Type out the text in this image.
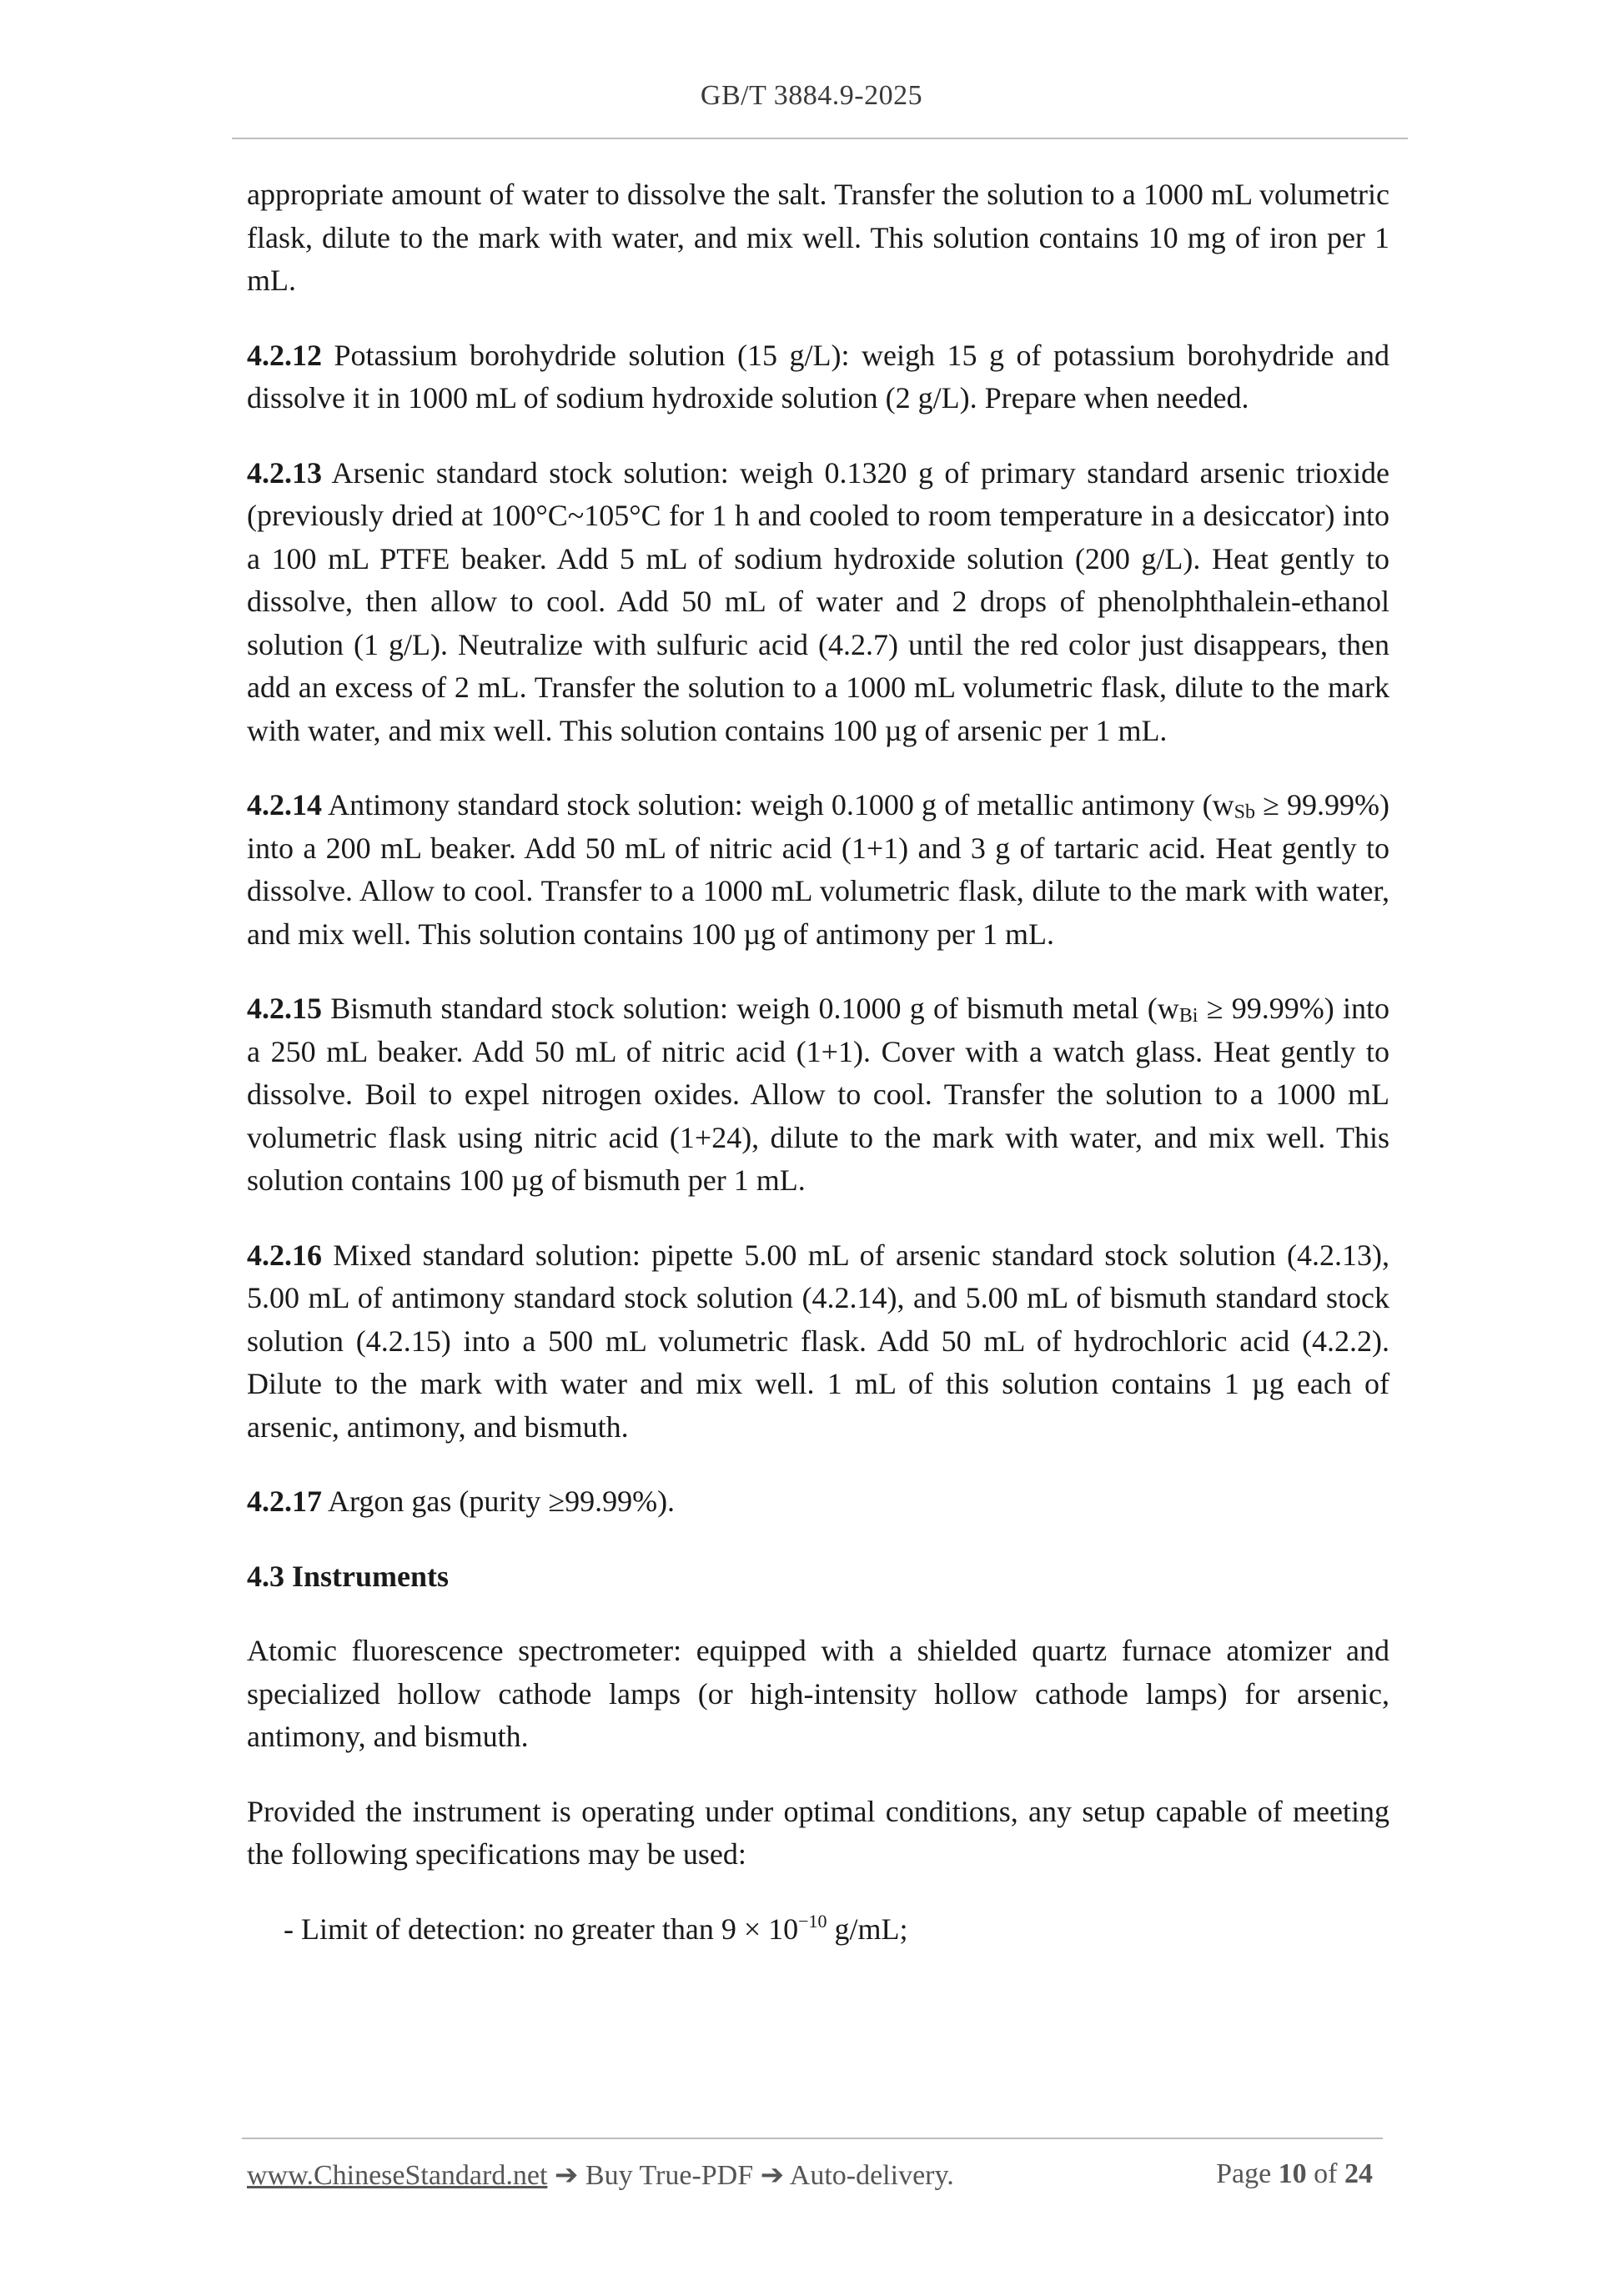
GB/T 3884.9-2025

appropriate amount of water to dissolve the salt. Transfer the solution to a 1000 mL volumetric flask, dilute to the mark with water, and mix well. This solution contains 10 mg of iron per 1 mL.

4.2.12 Potassium borohydride solution (15 g/L): weigh 15 g of potassium borohydride and dissolve it in 1000 mL of sodium hydroxide solution (2 g/L). Prepare when needed.

4.2.13 Arsenic standard stock solution: weigh 0.1320 g of primary standard arsenic trioxide (previously dried at 100°C~105°C for 1 h and cooled to room temperature in a desiccator) into a 100 mL PTFE beaker. Add 5 mL of sodium hydroxide solution (200 g/L). Heat gently to dissolve, then allow to cool. Add 50 mL of water and 2 drops of phenolphthalein-ethanol solution (1 g/L). Neutralize with sulfuric acid (4.2.7) until the red color just disappears, then add an excess of 2 mL. Transfer the solution to a 1000 mL volumetric flask, dilute to the mark with water, and mix well. This solution contains 100 µg of arsenic per 1 mL.

4.2.14 Antimony standard stock solution: weigh 0.1000 g of metallic antimony $(w_{Sb} \ge 99.99\%)$ into a 200 mL beaker. Add 50 mL of nitric acid (1+1) and 3 g of tartaric acid. Heat gently to dissolve. Allow to cool. Transfer to a 1000 mL volumetric flask, dilute to the mark with water, and mix well. This solution contains 100 µg of antimony per 1 mL.

4.2.15 Bismuth standard stock solution: weigh 0.1000 g of bismuth metal $(w_{Bi} \ge 99.99\%)$ into a 250 mL beaker. Add 50 mL of nitric acid (1+1). Cover with a watch glass. Heat gently to dissolve. Boil to expel nitrogen oxides. Allow to cool. Transfer the solution to a 1000 mL volumetric flask using nitric acid (1+24), dilute to the mark with water, and mix well. This solution contains 100 µg of bismuth per 1 mL.

4.2.16 Mixed standard solution: pipette 5.00 mL of arsenic standard stock solution (4.2.13), 5.00 mL of antimony standard stock solution (4.2.14), and 5.00 mL of bismuth standard stock solution (4.2.15) into a 500 mL volumetric flask. Add 50 mL of hydrochloric acid (4.2.2). Dilute to the mark with water and mix well. 1 mL of this solution contains 1 µg each of arsenic, antimony, and bismuth.

4.2.17 Argon gas (purity ≥99.99%).

4.3 Instruments

Atomic fluorescence spectrometer: equipped with a shielded quartz furnace atomizer and specialized hollow cathode lamps (or high-intensity hollow cathode lamps) for arsenic, antimony, and bismuth.

Provided the instrument is operating under optimal conditions, any setup capable of meeting the following specifications may be used:

- Limit of detection: no greater than $9 \times 10^{-10}$ g/mL;

www.ChineseStandard.net ➔ Buy True-PDF ➔ Auto-delivery.	Page 10 of 24
